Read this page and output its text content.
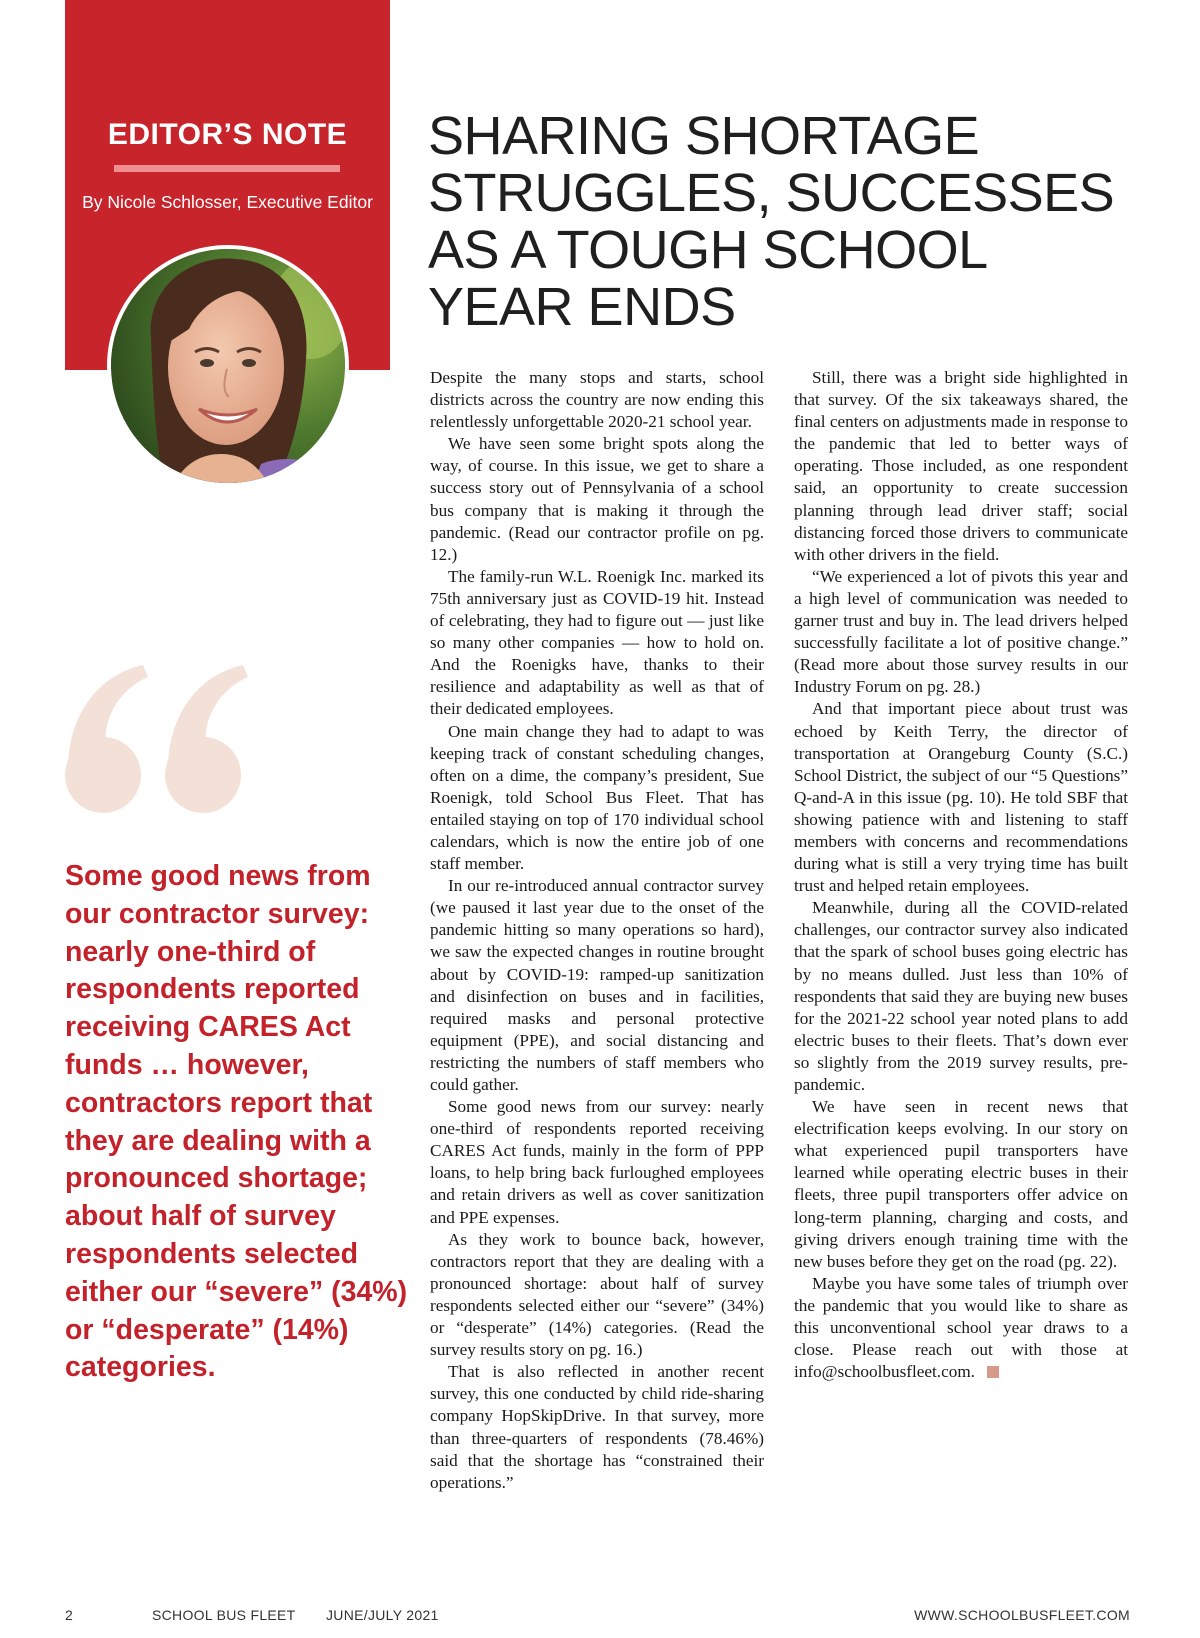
EDITOR’S NOTE
By Nicole Schlosser, Executive Editor
SHARING SHORTAGE
STRUGGLES, SUCCESSES
AS A TOUGH SCHOOL
YEAR ENDS

Some good news from our contractor survey: nearly one-third of respondents reported receiving CARES Act funds … however, contractors report that they are dealing with a pronounced shortage; about half of survey respondents selected either our “severe” (34%) or “desperate” (14%) categories.

Despite the many stops and starts, school districts across the country are now ending this relentlessly unforgettable 2020-21 school year.

We have seen some bright spots along the way, of course. In this issue, we get to share a success story out of Pennsylvania of a school bus company that is making it through the pandemic. (Read our contractor profile on pg. 12.)

The family-run W.L. Roenigk Inc. marked its 75th anniversary just as COVID-19 hit. Instead of celebrating, they had to figure out — just like so many other companies — how to hold on. And the Roenigks have, thanks to their resilience and adaptability as well as that of their dedicated employees.

One main change they had to adapt to was keeping track of constant scheduling changes, often on a dime, the company’s president, Sue Roenigk, told School Bus Fleet. That has entailed staying on top of 170 individual school calendars, which is now the entire job of one staff member.

In our re-introduced annual contractor survey (we paused it last year due to the onset of the pandemic hitting so many operations so hard), we saw the expected changes in routine brought about by COVID-19: ramped-up sanitization and disinfection on buses and in facilities, required masks and personal protective equipment (PPE), and social distancing and restricting the numbers of staff members who could gather.

Some good news from our survey: nearly one-third of respondents reported receiving CARES Act funds, mainly in the form of PPP loans, to help bring back furloughed employees and retain drivers as well as cover sanitization and PPE expenses.

As they work to bounce back, however, contractors report that they are dealing with a pronounced shortage: about half of survey respondents selected either our “severe” (34%) or “desperate” (14%) categories. (Read the survey results story on pg. 16.)

That is also reflected in another recent survey, this one conducted by child ride-sharing company HopSkipDrive. In that survey, more than three-quarters of respondents (78.46%) said that the shortage has “constrained their operations.”

Still, there was a bright side highlighted in that survey. Of the six takeaways shared, the final centers on adjustments made in response to the pandemic that led to better ways of operating. Those included, as one respondent said, an opportunity to create succession planning through lead driver staff; social distancing forced those drivers to communicate with other drivers in the field.

“We experienced a lot of pivots this year and a high level of communication was needed to garner trust and buy in. The lead drivers helped successfully facilitate a lot of positive change.” (Read more about those survey results in our Industry Forum on pg. 28.)

And that important piece about trust was echoed by Keith Terry, the director of transportation at Orangeburg County (S.C.) School District, the subject of our “5 Questions” Q-and-A in this issue (pg. 10). He told SBF that showing patience with and listening to staff members with concerns and recommendations during what is still a very trying time has built trust and helped retain employees.

Meanwhile, during all the COVID-related challenges, our contractor survey also indicated that the spark of school buses going electric has by no means dulled. Just less than 10% of respondents that said they are buying new buses for the 2021-22 school year noted plans to add electric buses to their fleets. That’s down ever so slightly from the 2019 survey results, pre-pandemic.

We have seen in recent news that electrification keeps evolving. In our story on what experienced pupil transporters have learned while operating electric buses in their fleets, three pupil transporters offer advice on long-term planning, charging and costs, and giving drivers enough training time with the new buses before they get on the road (pg. 22).

Maybe you have some tales of triumph over the pandemic that you would like to share as this unconventional school year draws to a close. Please reach out with those at info@schoolbusfleet.com.

2	SCHOOL BUS FLEET JUNE/JULY 2021	WWW.SCHOOLBUSFLEET.COM
